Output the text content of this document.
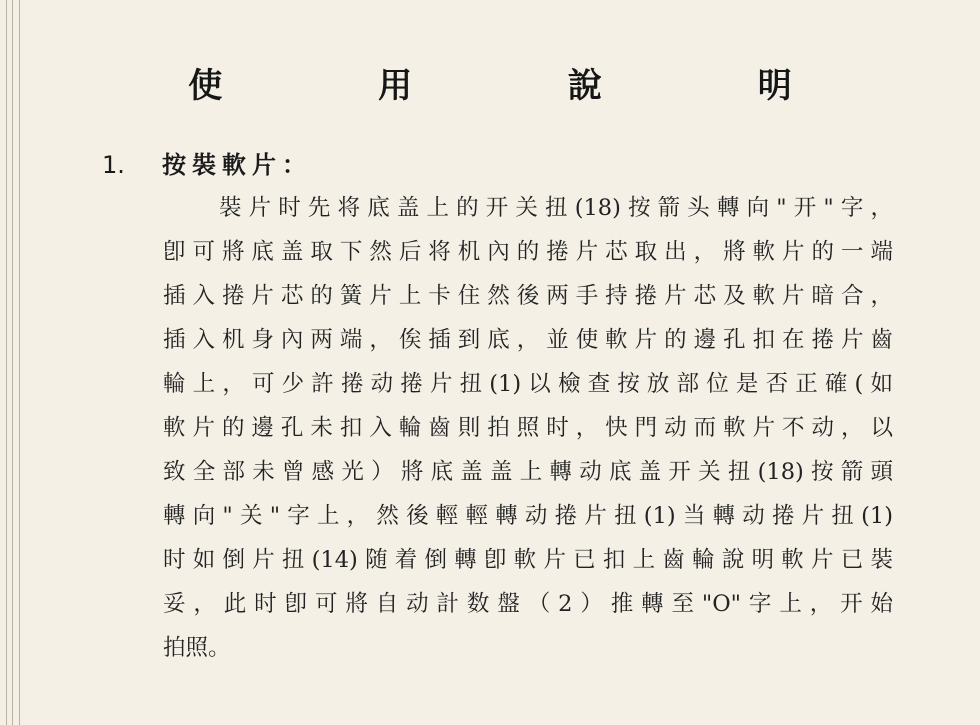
使 用 說 明
1. 按裝軟片：
裝片时先将底盖上的开关扭(18)按箭头轉向"开"字，
卽可將底盖取下然后将机內的捲片芯取出，將軟片的一端
插入捲片芯的簧片上卡住然後两手持捲片芯及軟片暗合，
插入机身內两端，俟插到底，並使軟片的邊孔扣在捲片齒
輪上，可少許捲动捲片扭(1)以檢查按放部位是否正確(如
軟片的邊孔未扣入輪齒則拍照时，快門动而軟片不动，以
致全部未曾感光）將底盖盖上轉动底盖开关扭(18)按箭頭
轉向"关"字上，然後輕輕轉动捲片扭(1)当轉动捲片扭(1)
时如倒片扭(14)随着倒轉卽軟片已扣上齒輪說明軟片已裝
妥，此时卽可將自动計数盤（2）推轉至"O"字上，开始
拍照。
